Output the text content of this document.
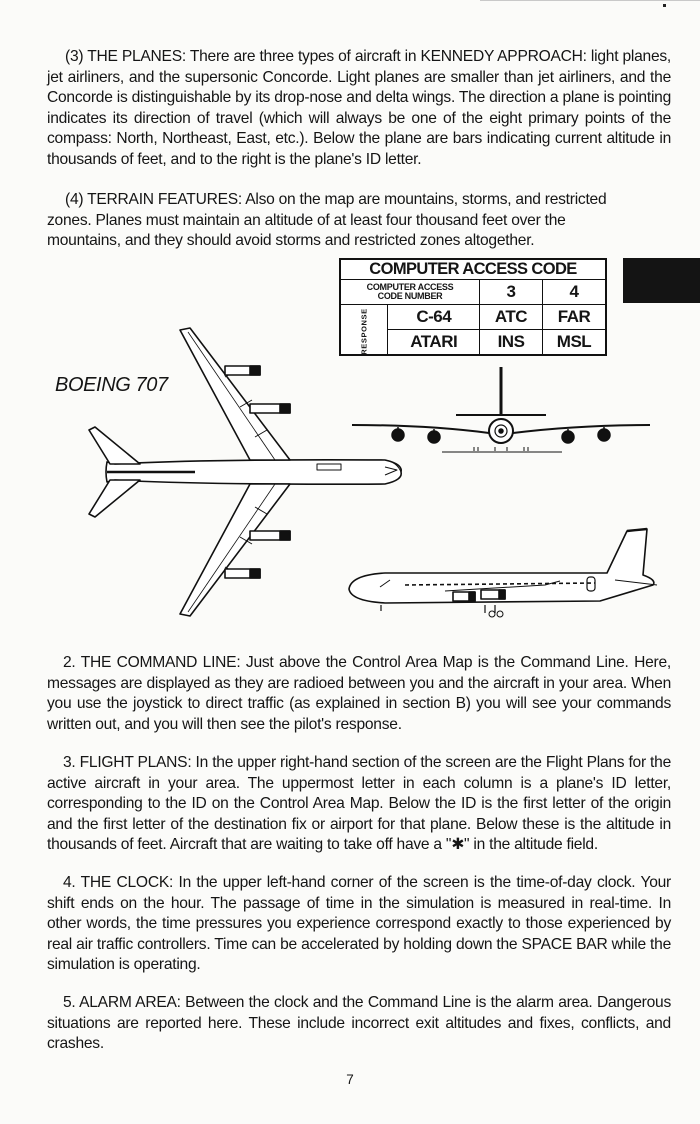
(3) THE PLANES: There are three types of aircraft in KENNEDY APPROACH: light planes, jet airliners, and the supersonic Concorde. Light planes are smaller than jet airliners, and the Concorde is distinguishable by its drop-nose and delta wings. The direction a plane is pointing indicates its direction of travel (which will always be one of the eight primary points of the compass: North, Northeast, East, etc.). Below the plane are bars indicating current altitude in thousands of feet, and to the right is the plane's ID letter.

(4) TERRAIN FEATURES: Also on the map are mountains, storms, and restricted zones. Planes must maintain an altitude of at least four thousand feet over the mountains, and they should avoid storms and restricted zones altogether.

COMPUTER ACCESS CODE			

COMPUTER ACCESS
CODE NUMBER		3	4
RESPONSE	C-64	ATC	FAR
	ATARI	INS	MSL
BOEING 707

2. THE COMMAND LINE: Just above the Control Area Map is the Command Line. Here, messages are displayed as they are radioed between you and the aircraft in your area. When you use the joystick to direct traffic (as explained in section B) you will see your commands written out, and you will then see the pilot's response.

3. FLIGHT PLANS: In the upper right-hand section of the screen are the Flight Plans for the active aircraft in your area. The uppermost letter in each column is a plane's ID letter, corresponding to the ID on the Control Area Map. Below the ID is the first letter of the origin and the first letter of the destination fix or airport for that plane. Below these is the altitude in thousands of feet. Aircraft that are waiting to take off have a "✱" in the altitude field.

4. THE CLOCK: In the upper left-hand corner of the screen is the time-of-day clock. Your shift ends on the hour. The passage of time in the simulation is measured in real-time. In other words, the time pressures you experience correspond exactly to those experienced by real air traffic controllers. Time can be accelerated by holding down the SPACE BAR while the simulation is operating.

5. ALARM AREA: Between the clock and the Command Line is the alarm area. Dangerous situations are reported here. These include incorrect exit altitudes and fixes, conflicts, and crashes.

7
